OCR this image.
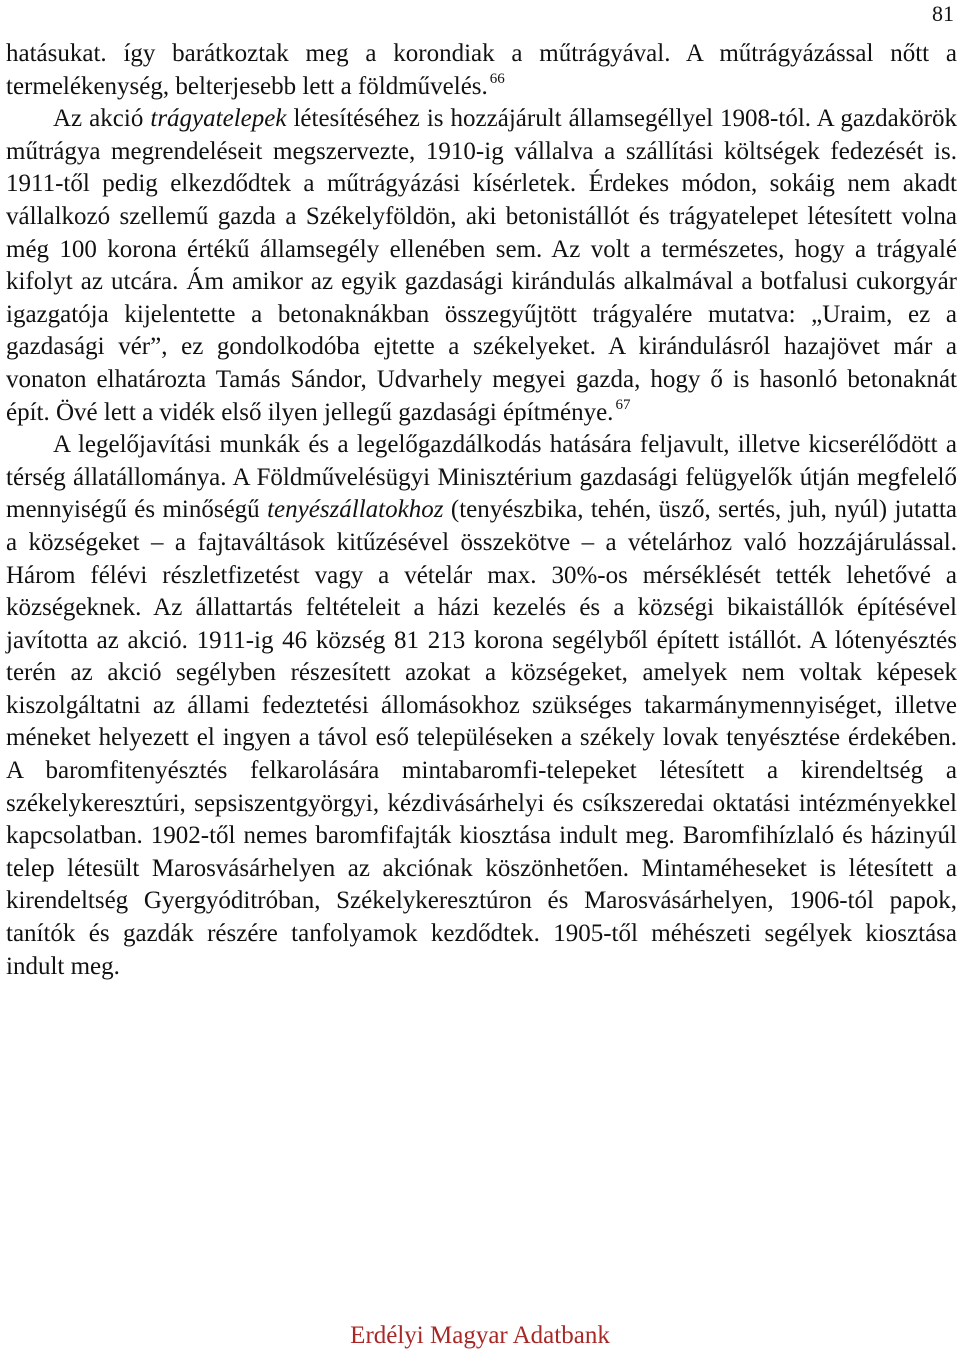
81

hatásukat. így barátkoztak meg a korondiak a műtrágyával. A műtrágyázással nőtt a termelékenység, belterjesebb lett a földművelés. $^{66}$

Az akció trágyatelepek létesítéséhez is hozzájárult államsegéllyel 1908-tól. A gazdakörök műtrágya megrendeléseit megszervezte, 1910-ig vállalva a szállítási költségek fedezését is. 1911-től pedig elkezdődtek a műtrágyázási kísérletek. Érdekes módon, sokáig nem akadt vállalkozó szellemű gazda a Székelyföldön, aki betonistállót és trágyatelepet létesített volna még 100 korona értékű államsegély ellenében sem. Az volt a természetes, hogy a trágyalé kifolyt az utcára. Ám amikor az egyik gazdasági kirándulás alkalmával a botfalusi cukorgyár igazgatója kijelentette a betonaknákban összegyűjtött trágyalére mutatva: „Uraim, ez a gazdasági vér”, ez gondolkodóba ejtette a székelyeket. A kirándulásról hazajövet már a vonaton elhatározta Tamás Sándor, Udvarhely megyei gazda, hogy ő is hasonló betonaknát épít. Övé lett a vidék első ilyen jellegű gazdasági építménye. $^{67}$

A legelőjavítási munkák és a legelőgazdálkodás hatására feljavult, illetve kicserélődött a térség állatállománya. A Földművelésügyi Minisztérium gazdasági felügyelők útján megfelelő mennyiségű és minőségű tenyészállatokhoz (tenyészbika, tehén, üsző, sertés, juh, nyúl) jutatta a községeket – a fajtaváltások kitűzésével összekötve – a vételárhoz való hozzájárulással. Három félévi részletfizetést vagy a vételár max. 30%-os mérséklését tették lehetővé a községeknek. Az állattartás feltételeit a házi kezelés és a községi bikaistállók építésével javította az akció. 1911-ig 46 község 81 213 korona segélyből épített istállót. A lótenyésztés terén az akció segélyben részesített azokat a községeket, amelyek nem voltak képesek kiszolgáltatni az állami fedeztetési állomásokhoz szükséges takarmánymennyiséget, illetve méneket helyezett el ingyen a távol eső településeken a székely lovak tenyésztése érdekében. A baromfitenyésztés felkarolására mintabaromfi-telepeket létesített a kirendeltség a székelykeresztúri, sepsiszentgyörgyi, kézdivásárhelyi és csíkszeredai oktatási intézményekkel kapcsolatban. 1902-től nemes baromfifajták kiosztása indult meg. Baromfihízlaló és házinyúl telep létesült Marosvásárhelyen az akciónak köszönhetően. Mintaméheseket is létesített a kirendeltség Gyergyóditróban, Székelykeresztúron és Marosvásárhelyen, 1906-tól papok, tanítók és gazdák részére tanfolyamok kezdődtek. 1905-től méhészeti segélyek kiosztása indult meg.

Erdélyi Magyar Adatbank
